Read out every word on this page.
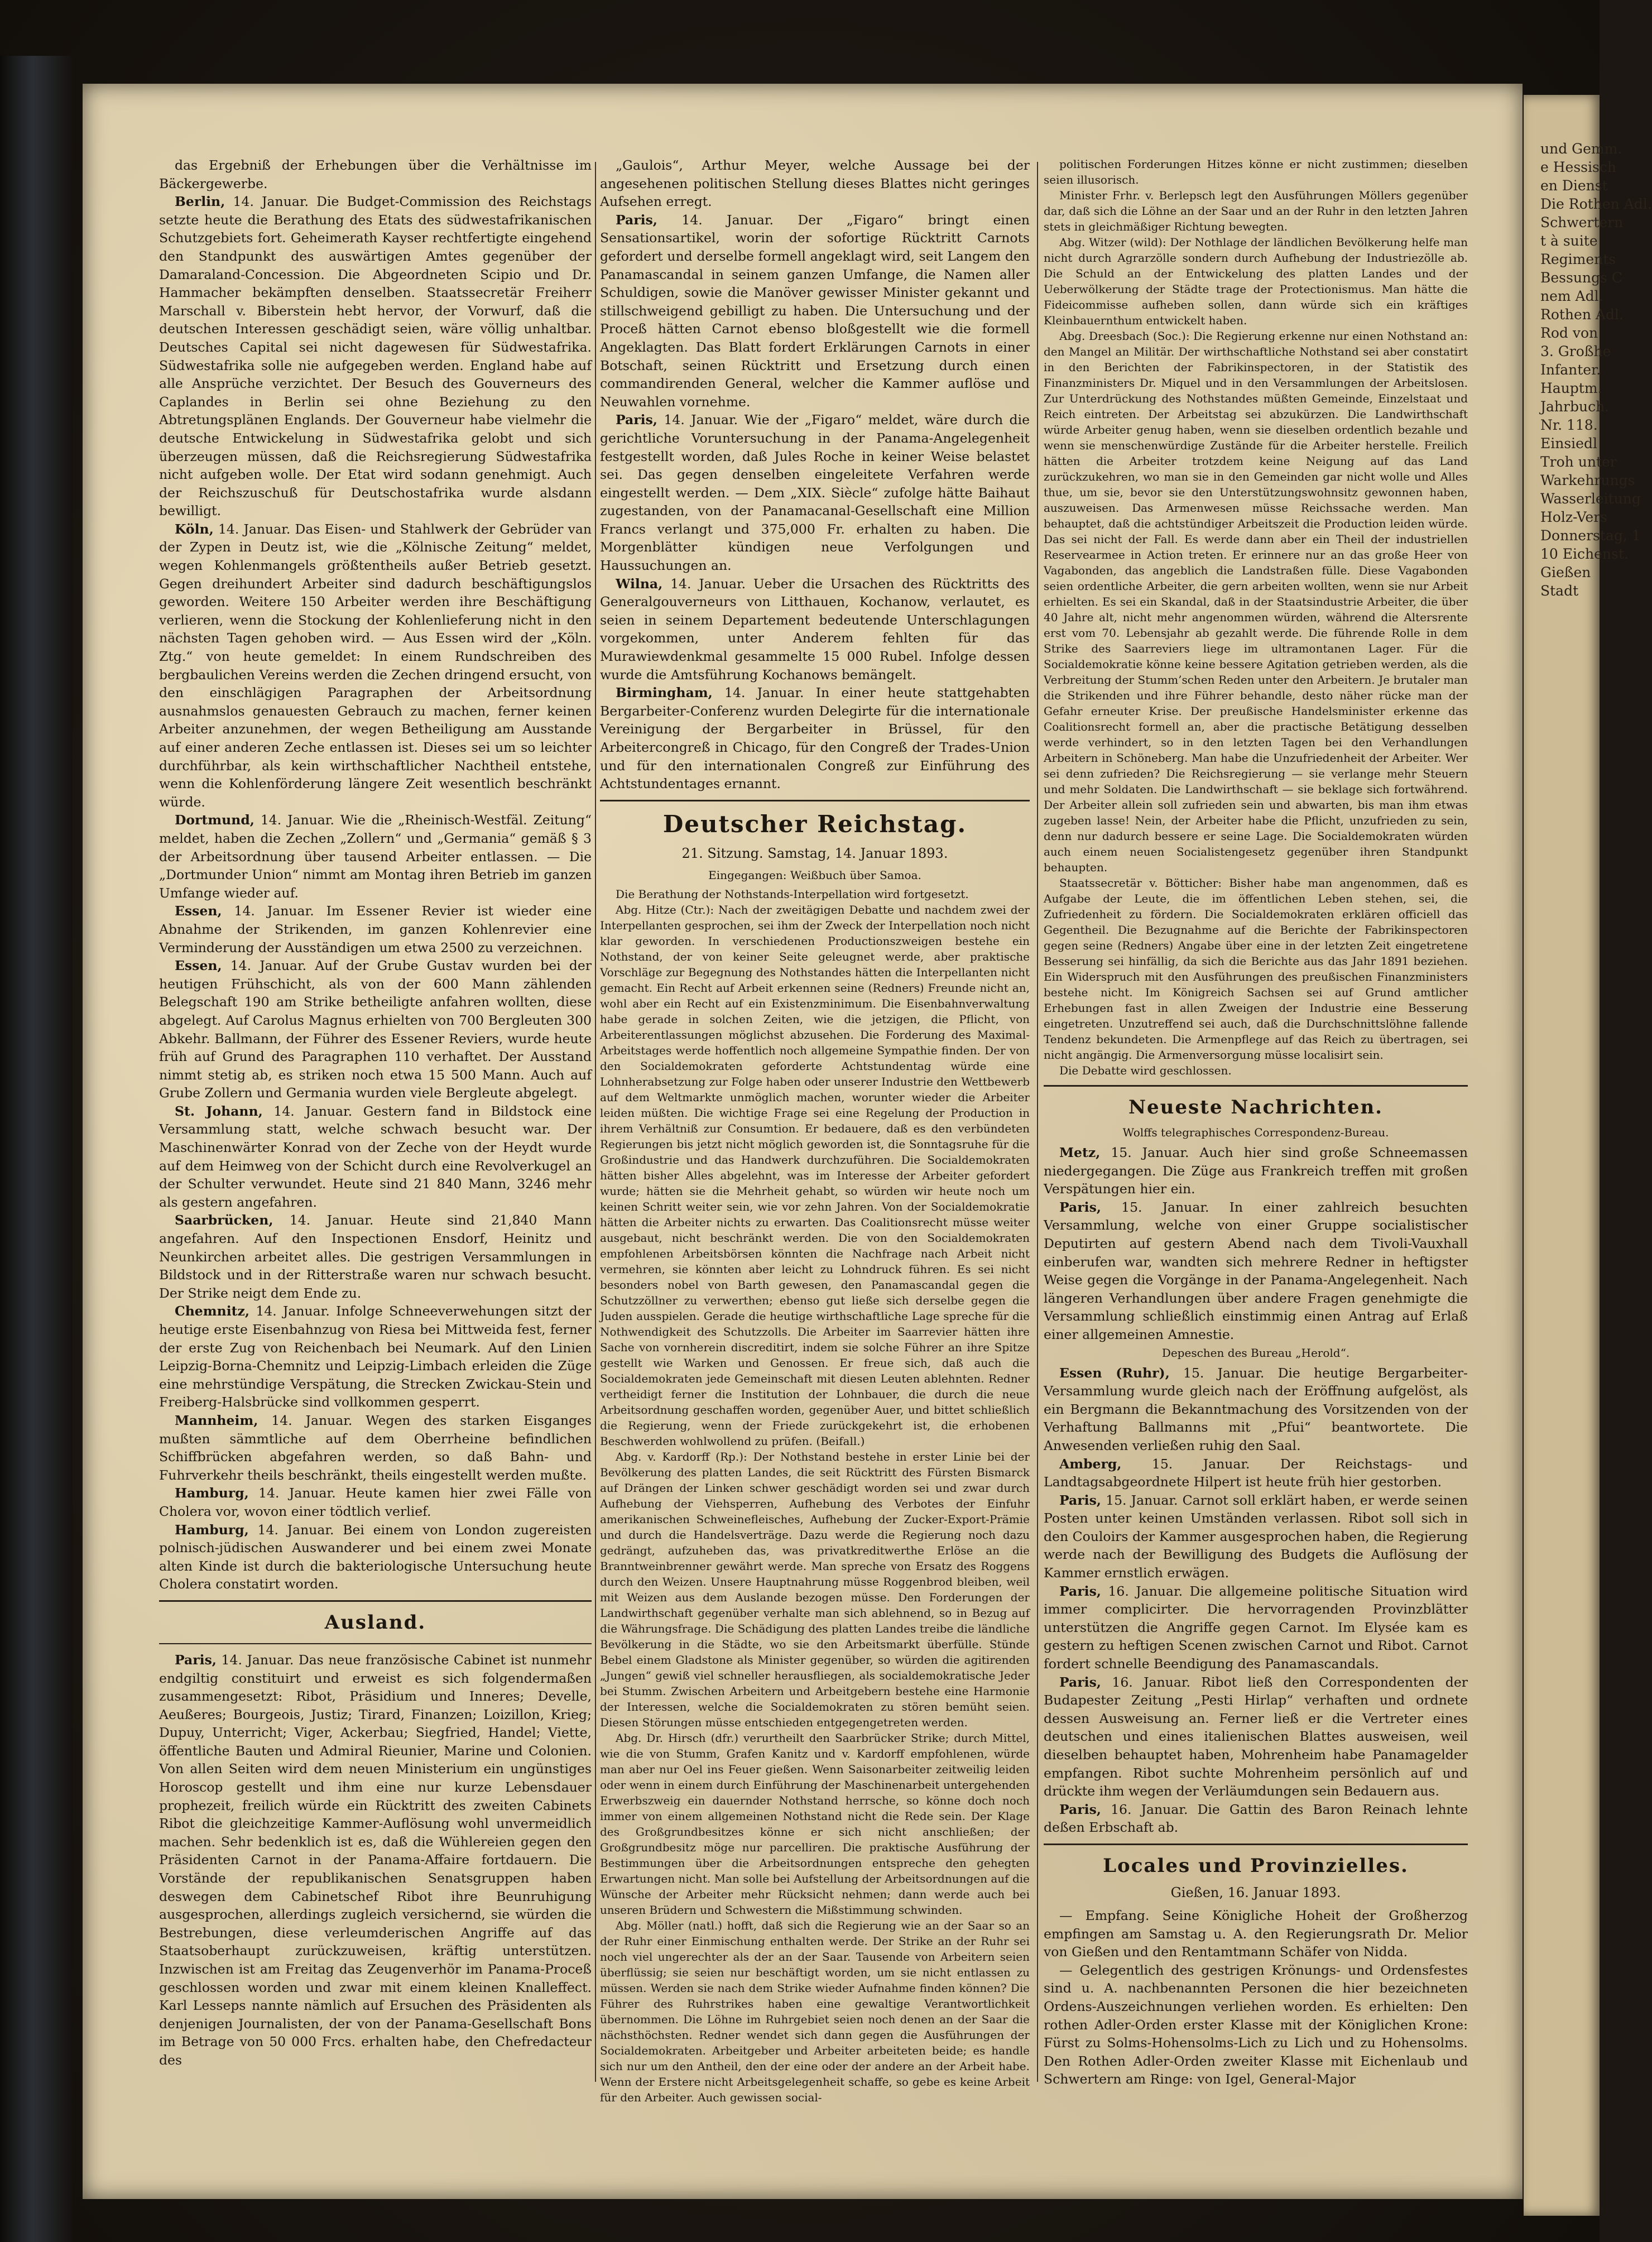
das Ergebniß der Erhebungen über die Verhältnisse im Bäckergewerbe.

Berlin, 14. Januar. Die Budget-Commission des Reichstags setzte heute die Berathung des Etats des südwestafrikanischen Schutzgebiets fort. Geheimerath Kayser rechtfertigte eingehend den Standpunkt des auswärtigen Amtes gegenüber der Damaraland-Concession. Die Abgeordneten Scipio und Dr. Hammacher bekämpften denselben. Staatssecretär Freiherr Marschall v. Biberstein hebt hervor, der Vorwurf, daß die deutschen Interessen geschädigt seien, wäre völlig unhaltbar. Deutsches Capital sei nicht dagewesen für Südwestafrika. Südwestafrika solle nie aufgegeben werden. England habe auf alle Ansprüche verzichtet. Der Besuch des Gouverneurs des Caplandes in Berlin sei ohne Beziehung zu den Abtretungsplänen Englands. Der Gouverneur habe vielmehr die deutsche Entwickelung in Südwestafrika gelobt und sich überzeugen müssen, daß die Reichsregierung Südwestafrika nicht aufgeben wolle. Der Etat wird sodann genehmigt. Auch der Reichszuschuß für Deutschostafrika wurde alsdann bewilligt.

Köln, 14. Januar. Das Eisen- und Stahlwerk der Gebrüder van der Zypen in Deutz ist, wie die „Kölnische Zeitung“ meldet, wegen Kohlenmangels größtentheils außer Betrieb gesetzt. Gegen dreihundert Arbeiter sind dadurch beschäftigungslos geworden. Weitere 150 Arbeiter werden ihre Beschäftigung verlieren, wenn die Stockung der Kohlenlieferung nicht in den nächsten Tagen gehoben wird. — Aus Essen wird der „Köln. Ztg.“ von heute gemeldet: In einem Rundschreiben des bergbaulichen Vereins werden die Zechen dringend ersucht, von den einschlägigen Paragraphen der Arbeitsordnung ausnahmslos genauesten Gebrauch zu machen, ferner keinen Arbeiter anzunehmen, der wegen Betheiligung am Ausstande auf einer anderen Zeche entlassen ist. Dieses sei um so leichter durchführbar, als kein wirthschaftlicher Nachtheil entstehe, wenn die Kohlenförderung längere Zeit wesentlich beschränkt würde.

Dortmund, 14. Januar. Wie die „Rheinisch-Westfäl. Zeitung“ meldet, haben die Zechen „Zollern“ und „Germania“ gemäß § 3 der Arbeitsordnung über tausend Arbeiter entlassen. — Die „Dortmunder Union“ nimmt am Montag ihren Betrieb im ganzen Umfange wieder auf.

Essen, 14. Januar. Im Essener Revier ist wieder eine Abnahme der Strikenden, im ganzen Kohlenrevier eine Verminderung der Ausständigen um etwa 2500 zu verzeichnen.

Essen, 14. Januar. Auf der Grube Gustav wurden bei der heutigen Frühschicht, als von der 600 Mann zählenden Belegschaft 190 am Strike betheiligte anfahren wollten, diese abgelegt. Auf Carolus Magnus erhielten von 700 Bergleuten 300 Abkehr. Ballmann, der Führer des Essener Reviers, wurde heute früh auf Grund des Paragraphen 110 verhaftet. Der Ausstand nimmt stetig ab, es striken noch etwa 15 500 Mann. Auch auf Grube Zollern und Germania wurden viele Bergleute abgelegt.

St. Johann, 14. Januar. Gestern fand in Bildstock eine Versammlung statt, welche schwach besucht war. Der Maschinenwärter Konrad von der Zeche von der Heydt wurde auf dem Heimweg von der Schicht durch eine Revolverkugel an der Schulter verwundet. Heute sind 21 840 Mann, 3246 mehr als gestern angefahren.

Saarbrücken, 14. Januar. Heute sind 21,840 Mann angefahren. Auf den Inspectionen Ensdorf, Heinitz und Neunkirchen arbeitet alles. Die gestrigen Versammlungen in Bildstock und in der Ritterstraße waren nur schwach besucht. Der Strike neigt dem Ende zu.

Chemnitz, 14. Januar. Infolge Schneeverwehungen sitzt der heutige erste Eisenbahnzug von Riesa bei Mittweida fest, ferner der erste Zug von Reichenbach bei Neumark. Auf den Linien Leipzig-Borna-Chemnitz und Leipzig-Limbach erleiden die Züge eine mehrstündige Verspätung, die Strecken Zwickau-Stein und Freiberg-Halsbrücke sind vollkommen gesperrt.

Mannheim, 14. Januar. Wegen des starken Eisganges mußten sämmtliche auf dem Oberrheine befindlichen Schiffbrücken abgefahren werden, so daß Bahn- und Fuhrverkehr theils beschränkt, theils eingestellt werden mußte.

Hamburg, 14. Januar. Heute kamen hier zwei Fälle von Cholera vor, wovon einer tödtlich verlief.

Hamburg, 14. Januar. Bei einem von London zugereisten polnisch-jüdischen Auswanderer und bei einem zwei Monate alten Kinde ist durch die bakteriologische Untersuchung heute Cholera constatirt worden.

Ausland.

Paris, 14. Januar. Das neue französische Cabinet ist nunmehr endgiltig constituirt und erweist es sich folgendermaßen zusammengesetzt: Ribot, Präsidium und Inneres; Develle, Aeußeres; Bourgeois, Justiz; Tirard, Finanzen; Loizillon, Krieg; Dupuy, Unterricht; Viger, Ackerbau; Siegfried, Handel; Viette, öffentliche Bauten und Admiral Rieunier, Marine und Colonien. Von allen Seiten wird dem neuen Ministerium ein ungünstiges Horoscop gestellt und ihm eine nur kurze Lebensdauer prophezeit, freilich würde ein Rücktritt des zweiten Cabinets Ribot die gleichzeitige Kammer-Auflösung wohl unvermeidlich machen. Sehr bedenklich ist es, daß die Wühlereien gegen den Präsidenten Carnot in der Panama-Affaire fortdauern. Die Vorstände der republikanischen Senatsgruppen haben deswegen dem Cabinetschef Ribot ihre Beunruhigung ausgesprochen, allerdings zugleich versichernd, sie würden die Bestrebungen, diese verleumderischen Angriffe auf das Staatsoberhaupt zurückzuweisen, kräftig unterstützen. Inzwischen ist am Freitag das Zeugenverhör im Panama-Proceß geschlossen worden und zwar mit einem kleinen Knalleffect. Karl Lesseps nannte nämlich auf Ersuchen des Präsidenten als denjenigen Journalisten, der von der Panama-Gesellschaft Bons im Betrage von 50 000 Frcs. erhalten habe, den Chefredacteur des

„Gaulois“, Arthur Meyer, welche Aussage bei der angesehenen politischen Stellung dieses Blattes nicht geringes Aufsehen erregt.

Paris, 14. Januar. Der „Figaro“ bringt einen Sensationsartikel, worin der sofortige Rücktritt Carnots gefordert und derselbe formell angeklagt wird, seit Langem den Panamascandal in seinem ganzen Umfange, die Namen aller Schuldigen, sowie die Manöver gewisser Minister gekannt und stillschweigend gebilligt zu haben. Die Untersuchung und der Proceß hätten Carnot ebenso bloßgestellt wie die formell Angeklagten. Das Blatt fordert Erklärungen Carnots in einer Botschaft, seinen Rücktritt und Ersetzung durch einen commandirenden General, welcher die Kammer auflöse und Neuwahlen vornehme.

Paris, 14. Januar. Wie der „Figaro“ meldet, wäre durch die gerichtliche Voruntersuchung in der Panama-Angelegenheit festgestellt worden, daß Jules Roche in keiner Weise belastet sei. Das gegen denselben eingeleitete Verfahren werde eingestellt werden. — Dem „XIX. Siècle“ zufolge hätte Baihaut zugestanden, von der Panamacanal-Gesellschaft eine Million Francs verlangt und 375,000 Fr. erhalten zu haben. Die Morgenblätter kündigen neue Verfolgungen und Haussuchungen an.

Wilna, 14. Januar. Ueber die Ursachen des Rücktritts des Generalgouverneurs von Litthauen, Kochanow, verlautet, es seien in seinem Departement bedeutende Unterschlagungen vorgekommen, unter Anderem fehlten für das Murawiewdenkmal gesammelte 15 000 Rubel. Infolge dessen wurde die Amtsführung Kochanows bemängelt.

Birmingham, 14. Januar. In einer heute stattgehabten Bergarbeiter-Conferenz wurden Delegirte für die internationale Vereinigung der Bergarbeiter in Brüssel, für den Arbeitercongreß in Chicago, für den Congreß der Trades-Union und für den internationalen Congreß zur Einführung des Achtstundentages ernannt.

Deutscher Reichstag.
21. Sitzung. Samstag, 14. Januar 1893.
Eingegangen: Weißbuch über Samoa.
Die Berathung der Nothstands-Interpellation wird fortgesetzt.

Abg. Hitze (Ctr.): Nach der zweitägigen Debatte und nachdem zwei der Interpellanten gesprochen, sei ihm der Zweck der Interpellation noch nicht klar geworden. In verschiedenen Productionszweigen bestehe ein Nothstand, der von keiner Seite geleugnet werde, aber praktische Vorschläge zur Begegnung des Nothstandes hätten die Interpellanten nicht gemacht. Ein Recht auf Arbeit erkennen seine (Redners) Freunde nicht an, wohl aber ein Recht auf ein Existenzminimum. Die Eisenbahnverwaltung habe gerade in solchen Zeiten, wie die jetzigen, die Pflicht, von Arbeiterentlassungen möglichst abzusehen. Die Forderung des Maximal-Arbeitstages werde hoffentlich noch allgemeine Sympathie finden. Der von den Socialdemokraten geforderte Achtstundentag würde eine Lohnherabsetzung zur Folge haben oder unserer Industrie den Wettbewerb auf dem Weltmarkte unmöglich machen, worunter wieder die Arbeiter leiden müßten. Die wichtige Frage sei eine Regelung der Production in ihrem Verhältniß zur Consumtion. Er bedauere, daß es den verbündeten Regierungen bis jetzt nicht möglich geworden ist, die Sonntagsruhe für die Großindustrie und das Handwerk durchzuführen. Die Socialdemokraten hätten bisher Alles abgelehnt, was im Interesse der Arbeiter gefordert wurde; hätten sie die Mehrheit gehabt, so würden wir heute noch um keinen Schritt weiter sein, wie vor zehn Jahren. Von der Socialdemokratie hätten die Arbeiter nichts zu erwarten. Das Coalitionsrecht müsse weiter ausgebaut, nicht beschränkt werden. Die von den Socialdemokraten empfohlenen Arbeitsbörsen könnten die Nachfrage nach Arbeit nicht vermehren, sie könnten aber leicht zu Lohndruck führen. Es sei nicht besonders nobel von Barth gewesen, den Panamascandal gegen die Schutzzöllner zu verwerthen; ebenso gut ließe sich derselbe gegen die Juden ausspielen. Gerade die heutige wirthschaftliche Lage spreche für die Nothwendigkeit des Schutzzolls. Die Arbeiter im Saarrevier hätten ihre Sache von vornherein discreditirt, indem sie solche Führer an ihre Spitze gestellt wie Warken und Genossen. Er freue sich, daß auch die Socialdemokraten jede Gemeinschaft mit diesen Leuten ablehnten. Redner vertheidigt ferner die Institution der Lohnbauer, die durch die neue Arbeitsordnung geschaffen worden, gegenüber Auer, und bittet schließlich die Regierung, wenn der Friede zurückgekehrt ist, die erhobenen Beschwerden wohlwollend zu prüfen. (Beifall.)

Abg. v. Kardorff (Rp.): Der Nothstand bestehe in erster Linie bei der Bevölkerung des platten Landes, die seit Rücktritt des Fürsten Bismarck auf Drängen der Linken schwer geschädigt worden sei und zwar durch Aufhebung der Viehsperren, Aufhebung des Verbotes der Einfuhr amerikanischen Schweinefleisches, Aufhebung der Zucker-Export-Prämie und durch die Handelsverträge. Dazu werde die Regierung noch dazu gedrängt, aufzuheben das, was privatkreditwerthe Erlöse an die Branntweinbrenner gewährt werde. Man spreche von Ersatz des Roggens durch den Weizen. Unsere Hauptnahrung müsse Roggenbrod bleiben, weil mit Weizen aus dem Auslande bezogen müsse. Den Forderungen der Landwirthschaft gegenüber verhalte man sich ablehnend, so in Bezug auf die Währungsfrage. Die Schädigung des platten Landes treibe die ländliche Bevölkerung in die Städte, wo sie den Arbeitsmarkt überfülle. Stünde Bebel einem Gladstone als Minister gegenüber, so würden die agitirenden „Jungen“ gewiß viel schneller herausfliegen, als socialdemokratische Jeder bei Stumm. Zwischen Arbeitern und Arbeitgebern bestehe eine Harmonie der Interessen, welche die Socialdemokraten zu stören bemüht seien. Diesen Störungen müsse entschieden entgegengetreten werden.

Abg. Dr. Hirsch (dfr.) verurtheilt den Saarbrücker Strike; durch Mittel, wie die von Stumm, Grafen Kanitz und v. Kardorff empfohlenen, würde man aber nur Oel ins Feuer gießen. Wenn Saisonarbeiter zeitweilig leiden oder wenn in einem durch Einführung der Maschinenarbeit untergehenden Erwerbszweig ein dauernder Nothstand herrsche, so könne doch noch immer von einem allgemeinen Nothstand nicht die Rede sein. Der Klage des Großgrundbesitzes könne er sich nicht anschließen; der Großgrundbesitz möge nur parcelliren. Die praktische Ausführung der Bestimmungen über die Arbeitsordnungen entspreche den gehegten Erwartungen nicht. Man solle bei Aufstellung der Arbeitsordnungen auf die Wünsche der Arbeiter mehr Rücksicht nehmen; dann werde auch bei unseren Brüdern und Schwestern die Mißstimmung schwinden.

Abg. Möller (natl.) hofft, daß sich die Regierung wie an der Saar so an der Ruhr einer Einmischung enthalten werde. Der Strike an der Ruhr sei noch viel ungerechter als der an der Saar. Tausende von Arbeitern seien überflüssig; sie seien nur beschäftigt worden, um sie nicht entlassen zu müssen. Werden sie nach dem Strike wieder Aufnahme finden können? Die Führer des Ruhrstrikes haben eine gewaltige Verantwortlichkeit übernommen. Die Löhne im Ruhrgebiet seien noch denen an der Saar die nächsthöchsten. Redner wendet sich dann gegen die Ausführungen der Socialdemokraten. Arbeitgeber und Arbeiter arbeiteten beide; es handle sich nur um den Antheil, den der eine oder der andere an der Arbeit habe. Wenn der Erstere nicht Arbeitsgelegenheit schaffe, so gebe es keine Arbeit für den Arbeiter. Auch gewissen social-

politischen Forderungen Hitzes könne er nicht zustimmen; dieselben seien illusorisch.

Minister Frhr. v. Berlepsch legt den Ausführungen Möllers gegenüber dar, daß sich die Löhne an der Saar und an der Ruhr in den letzten Jahren stets in gleichmäßiger Richtung bewegten.

Abg. Witzer (wild): Der Nothlage der ländlichen Bevölkerung helfe man nicht durch Agrarzölle sondern durch Aufhebung der Industriezölle ab. Die Schuld an der Entwickelung des platten Landes und der Ueberwölkerung der Städte trage der Protectionismus. Man hätte die Fideicommisse aufheben sollen, dann würde sich ein kräftiges Kleinbauernthum entwickelt haben.

Abg. Dreesbach (Soc.): Die Regierung erkenne nur einen Nothstand an: den Mangel an Militär. Der wirthschaftliche Nothstand sei aber constatirt in den Berichten der Fabrikinspectoren, in der Statistik des Finanzministers Dr. Miquel und in den Versammlungen der Arbeitslosen. Zur Unterdrückung des Nothstandes müßten Gemeinde, Einzelstaat und Reich eintreten. Der Arbeitstag sei abzukürzen. Die Landwirthschaft würde Arbeiter genug haben, wenn sie dieselben ordentlich bezahle und wenn sie menschenwürdige Zustände für die Arbeiter herstelle. Freilich hätten die Arbeiter trotzdem keine Neigung auf das Land zurückzukehren, wo man sie in den Gemeinden gar nicht wolle und Alles thue, um sie, bevor sie den Unterstützungswohnsitz gewonnen haben, auszuweisen. Das Armenwesen müsse Reichssache werden. Man behauptet, daß die achtstündiger Arbeitszeit die Production leiden würde. Das sei nicht der Fall. Es werde dann aber ein Theil der industriellen Reservearmee in Action treten. Er erinnere nur an das große Heer von Vagabonden, das angeblich die Landstraßen fülle. Diese Vagabonden seien ordentliche Arbeiter, die gern arbeiten wollten, wenn sie nur Arbeit erhielten. Es sei ein Skandal, daß in der Staatsindustrie Arbeiter, die über 40 Jahre alt, nicht mehr angenommen würden, während die Altersrente erst vom 70. Lebensjahr ab gezahlt werde. Die führende Rolle in dem Strike des Saarreviers liege im ultramontanen Lager. Für die Socialdemokratie könne keine bessere Agitation getrieben werden, als die Verbreitung der Stumm’schen Reden unter den Arbeitern. Je brutaler man die Strikenden und ihre Führer behandle, desto näher rücke man der Gefahr erneuter Krise. Der preußische Handelsminister erkenne das Coalitionsrecht formell an, aber die practische Betätigung desselben werde verhindert, so in den letzten Tagen bei den Verhandlungen Arbeitern in Schöneberg. Man habe die Unzufriedenheit der Arbeiter. Wer sei denn zufrieden? Die Reichsregierung — sie verlange mehr Steuern und mehr Soldaten. Die Landwirthschaft — sie beklage sich fortwährend. Der Arbeiter allein soll zufrieden sein und abwarten, bis man ihm etwas zugeben lasse! Nein, der Arbeiter habe die Pflicht, unzufrieden zu sein, denn nur dadurch bessere er seine Lage. Die Socialdemokraten würden auch einem neuen Socialistengesetz gegenüber ihren Standpunkt behaupten.

Staatssecretär v. Bötticher: Bisher habe man angenommen, daß es Aufgabe der Leute, die im öffentlichen Leben stehen, sei, die Zufriedenheit zu fördern. Die Socialdemokraten erklären officiell das Gegentheil. Die Bezugnahme auf die Berichte der Fabrikinspectoren gegen seine (Redners) Angabe über eine in der letzten Zeit eingetretene Besserung sei hinfällig, da sich die Berichte aus das Jahr 1891 beziehen. Ein Widerspruch mit den Ausführungen des preußischen Finanzministers bestehe nicht. Im Königreich Sachsen sei auf Grund amtlicher Erhebungen fast in allen Zweigen der Industrie eine Besserung eingetreten. Unzutreffend sei auch, daß die Durchschnittslöhne fallende Tendenz bekundeten. Die Armenpflege auf das Reich zu übertragen, sei nicht angängig. Die Armenversorgung müsse localisirt sein.

Die Debatte wird geschlossen.

Neueste Nachrichten.
Wolffs telegraphisches Correspondenz-Bureau.

Metz, 15. Januar. Auch hier sind große Schneemassen niedergegangen. Die Züge aus Frankreich treffen mit großen Verspätungen hier ein.

Paris, 15. Januar. In einer zahlreich besuchten Versammlung, welche von einer Gruppe socialistischer Deputirten auf gestern Abend nach dem Tivoli-Vauxhall einberufen war, wandten sich mehrere Redner in heftigster Weise gegen die Vorgänge in der Panama-Angelegenheit. Nach längeren Verhandlungen über andere Fragen genehmigte die Versammlung schließlich einstimmig einen Antrag auf Erlaß einer allgemeinen Amnestie.

Depeschen des Bureau „Herold“.

Essen (Ruhr), 15. Januar. Die heutige Bergarbeiter-Versammlung wurde gleich nach der Eröffnung aufgelöst, als ein Bergmann die Bekanntmachung des Vorsitzenden von der Verhaftung Ballmanns mit „Pfui“ beantwortete. Die Anwesenden verließen ruhig den Saal.

Amberg, 15. Januar. Der Reichstags- und Landtagsabgeordnete Hilpert ist heute früh hier gestorben.

Paris, 15. Januar. Carnot soll erklärt haben, er werde seinen Posten unter keinen Umständen verlassen. Ribot soll sich in den Couloirs der Kammer ausgesprochen haben, die Regierung werde nach der Bewilligung des Budgets die Auflösung der Kammer ernstlich erwägen.

Paris, 16. Januar. Die allgemeine politische Situation wird immer complicirter. Die hervorragenden Provinzblätter unterstützen die Angriffe gegen Carnot. Im Elysée kam es gestern zu heftigen Scenen zwischen Carnot und Ribot. Carnot fordert schnelle Beendigung des Panamascandals.

Paris, 16. Januar. Ribot ließ den Correspondenten der Budapester Zeitung „Pesti Hirlap“ verhaften und ordnete dessen Ausweisung an. Ferner ließ er die Vertreter eines deutschen und eines italienischen Blattes ausweisen, weil dieselben behauptet haben, Mohrenheim habe Panamagelder empfangen. Ribot suchte Mohrenheim persönlich auf und drückte ihm wegen der Verläumdungen sein Bedauern aus.

Paris, 16. Januar. Die Gattin des Baron Reinach lehnte deßen Erbschaft ab.

Locales und Provinzielles.
Gießen, 16. Januar 1893.

— Empfang. Seine Königliche Hoheit der Großherzog empfingen am Samstag u. A. den Regierungsrath Dr. Melior von Gießen und den Rentamtmann Schäfer von Nidda.

— Gelegentlich des gestrigen Krönungs- und Ordensfestes sind u. A. nachbenannten Personen die hier bezeichneten Ordens-Auszeichnungen verliehen worden. Es erhielten: Den rothen Adler-Orden erster Klasse mit der Königlichen Krone: Fürst zu Solms-Hohensolms-Lich zu Lich und zu Hohensolms. Den Rothen Adler-Orden zweiter Klasse mit Eichenlaub und Schwertern am Ringe: von Igel, General-Major

und Gemm.
e Hessisch
en Dienst
Die Rothen Adl.
Schwertern
t à suite
Regiments
Bessungs C
nem Adl.
Rothen Adl.
Rod von
3. Großhe
Infanter.
Hauptm.
Jahrbuch.
Nr. 118.
Einsiedl
Troh unter
Warkehrungs
Wasserleitung
Holz-Vers
Donnerstag, 1
10 Eichenst.
Gießen
Stadt
